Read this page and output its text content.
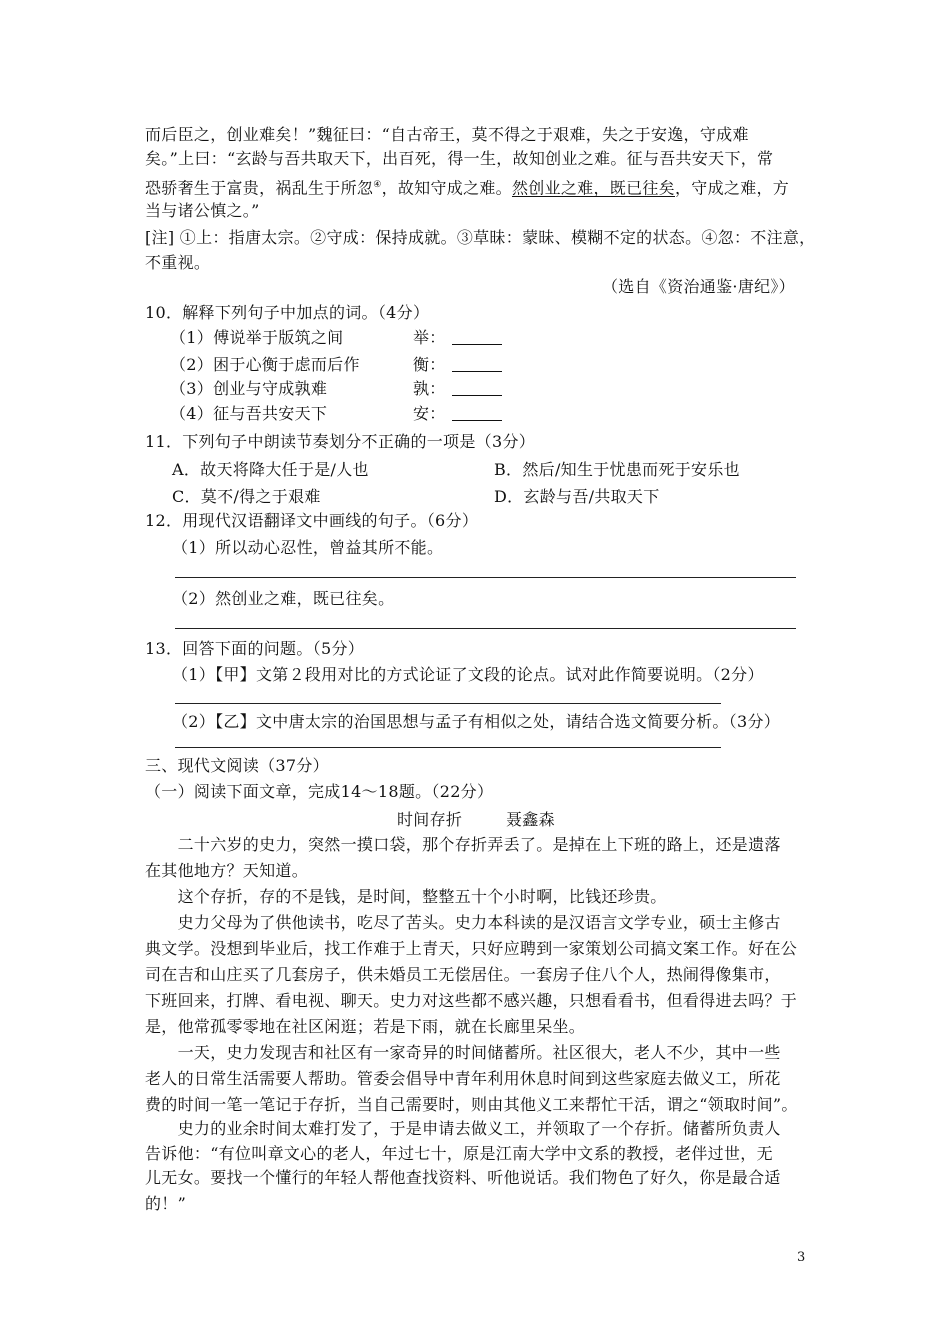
而后臣之，创业难矣！”魏征曰：“自古帝王，莫不得之于艰难，失之于安逸，守成难
矣。”上曰：“玄龄与吾共取天下，出百死，得一生，故知创业之难。征与吾共安天下，常
恐骄奢生于富贵，祸乱生于所忽④，故知守成之难。然创业之难，既已往矣，守成之难，方
当与诸公慎之。”
[注] ①上：指唐太宗。②守成：保持成就。③草昧：蒙昧、模糊不定的状态。④忽：不注意，
不重视。
（选自《资治通鉴·唐纪》）
10．解释下列句子中加点的词。（4分）
（1）傅说举于版筑之间	举：
（2）困于心衡于虑而后作	衡：
（3）创业与守成孰难	孰：
（4）征与吾共安天下	安：
11．下列句子中朗读节奏划分不正确的一项是（3分）
A．故天将降大任于是/人也	B．然后/知生于忧患而死于安乐也
C．莫不/得之于艰难	D．玄龄与吾/共取天下
12．用现代汉语翻译文中画线的句子。（6分）
（1）所以动心忍性，曾益其所不能。
（2）然创业之难，既已往矣。
13．回答下面的问题。（5分）
（1）【甲】文第２段用对比的方式论证了文段的论点。试对此作简要说明。（2分）
（2）【乙】文中唐太宗的治国思想与孟子有相似之处，请结合选文简要分析。（3分）
三、现代文阅读（37分）
（一）阅读下面文章，完成14～18题。（22分）
时间存折	聂鑫森
　　二十六岁的史力，突然一摸口袋，那个存折弄丢了。是掉在上下班的路上，还是遗落
在其他地方？天知道。
　　这个存折，存的不是钱，是时间，整整五十个小时啊，比钱还珍贵。
　　史力父母为了供他读书，吃尽了苦头。史力本科读的是汉语言文学专业，硕士主修古
典文学。没想到毕业后，找工作难于上青天，只好应聘到一家策划公司搞文案工作。好在公
司在吉和山庄买了几套房子，供未婚员工无偿居住。一套房子住八个人，热闹得像集市，
下班回来，打牌、看电视、聊天。史力对这些都不感兴趣，只想看看书，但看得进去吗？于
是，他常孤零零地在社区闲逛；若是下雨，就在长廊里呆坐。
　　一天，史力发现吉和社区有一家奇异的时间储蓄所。社区很大，老人不少，其中一些
老人的日常生活需要人帮助。管委会倡导中青年利用休息时间到这些家庭去做义工，所花
费的时间一笔一笔记于存折，当自己需要时，则由其他义工来帮忙干活，谓之“领取时间”。
　　史力的业余时间太难打发了，于是申请去做义工，并领取了一个存折。储蓄所负责人
告诉他：“有位叫章文心的老人，年过七十，原是江南大学中文系的教授，老伴过世，无
儿无女。要找一个懂行的年轻人帮他查找资料、听他说话。我们物色了好久，你是最合适
的！”
3
